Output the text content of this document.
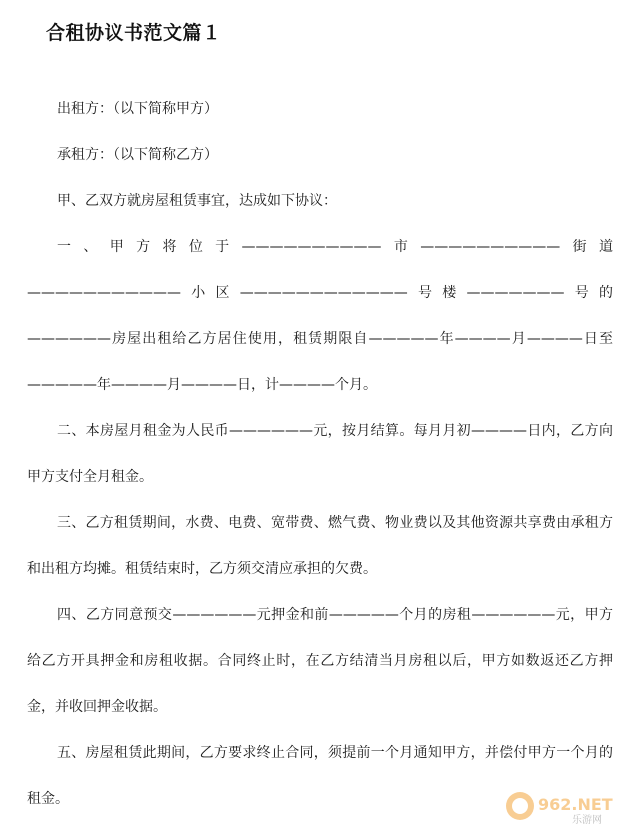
合租协议书范文篇１
出租方：（以下简称甲方）
承租方：（以下简称乙方）
甲、乙双方就房屋租赁事宜，达成如下协议：
一、甲方将位于——————————市——————————街道———————————小区————————————号楼———————号的——————房屋出租给乙方居住使用，租赁期限自—————年————月————日至—————年————月————日，计————个月。
二、本房屋月租金为人民币——————元，按月结算。每月月初————日内，乙方向甲方支付全月租金。
三、乙方租赁期间，水费、电费、宽带费、燃气费、物业费以及其他资源共享费由承租方和出租方均摊。租赁结束时，乙方须交清应承担的欠费。
四、乙方同意预交——————元押金和前—————个月的房租——————元，甲方给乙方开具押金和房租收据。合同终止时，在乙方结清当月房租以后，甲方如数返还乙方押金，并收回押金收据。
五、房屋租赁此期间，乙方要求终止合同，须提前一个月通知甲方，并偿付甲方一个月的租金。	962.NET
乐游网
